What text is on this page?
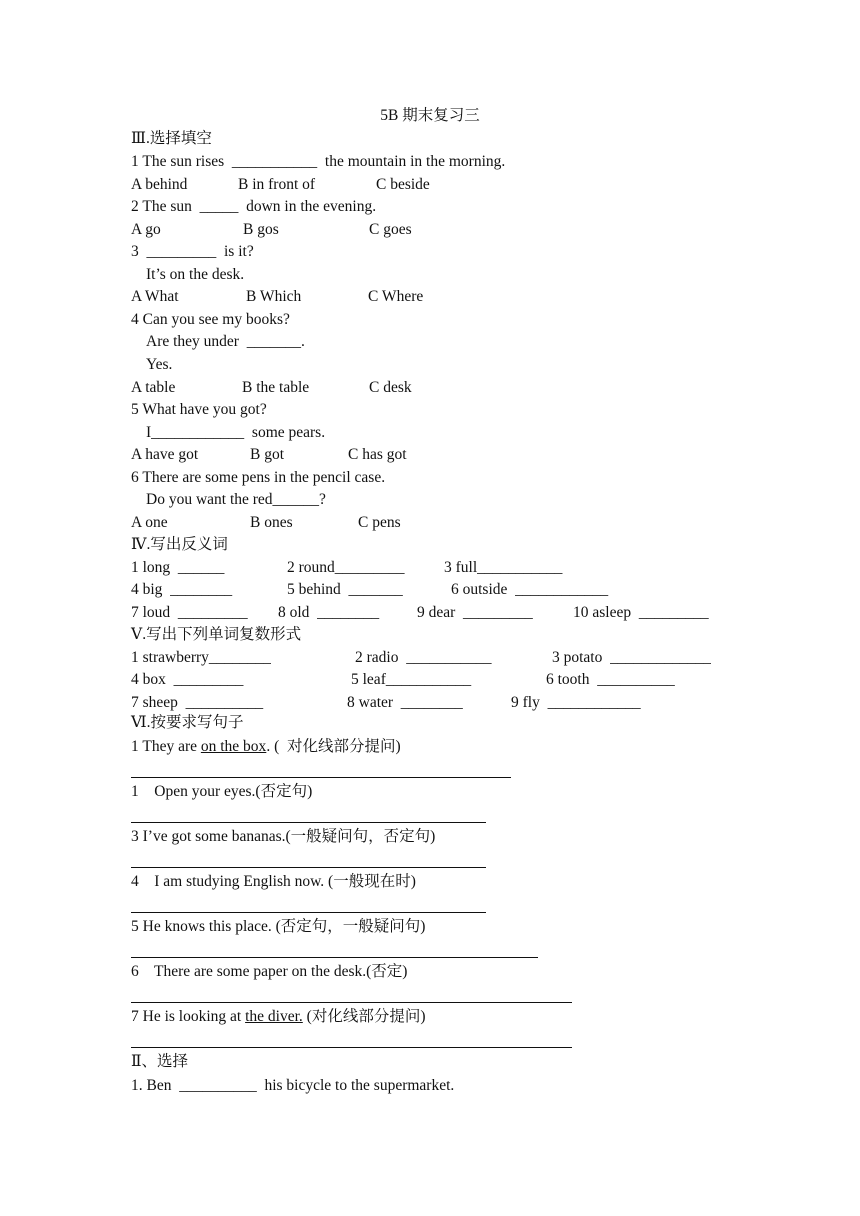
5B 期末复习三
Ⅲ.选择填空
1 The sun rises  ___________  the mountain in the morning.
A behind	B in front of	C beside
2 The sun  _____  down in the evening.
A go	B gos	C goes
3  _________  is it?
It’s on the desk.
A What	B Which	C Where
4 Can you see my books?
Are they under  _______.
Yes.
A table	B the table	C desk
5 What have you got?
I____________  some pears.
A have got	B got	C has got
6 There are some pens in the pencil case.
Do you want the red______?
A one	B ones	C pens
Ⅳ.写出反义词
1 long  ______	2 round_________	3 full___________
4 big  ________	5 behind  _______	6 outside  ____________
7 loud  _________ 8 old  ________ 9 dear  _________	10 asleep  _________
Ⅴ.写出下列单词复数形式
1 strawberry________	2 radio  ___________	3 potato  _____________
4 box  _________	5 leaf___________	6 tooth  __________
7 sheep  __________	8 water  ________	9 fly  ____________
Ⅵ.按要求写句子
1 They are on the box. (  对化线部分提问)
1    Open your eyes.(否定句)
3 I’ve got some bananas.(一般疑问句，否定句)
4    I am studying English now. (一般现在时)
5 He knows this place. (否定句，一般疑问句)
6    There are some paper on the desk.(否定)
7 He is looking at the diver. (对化线部分提问)
Ⅱ、选择
1. Ben  __________  his bicycle to the supermarket.
